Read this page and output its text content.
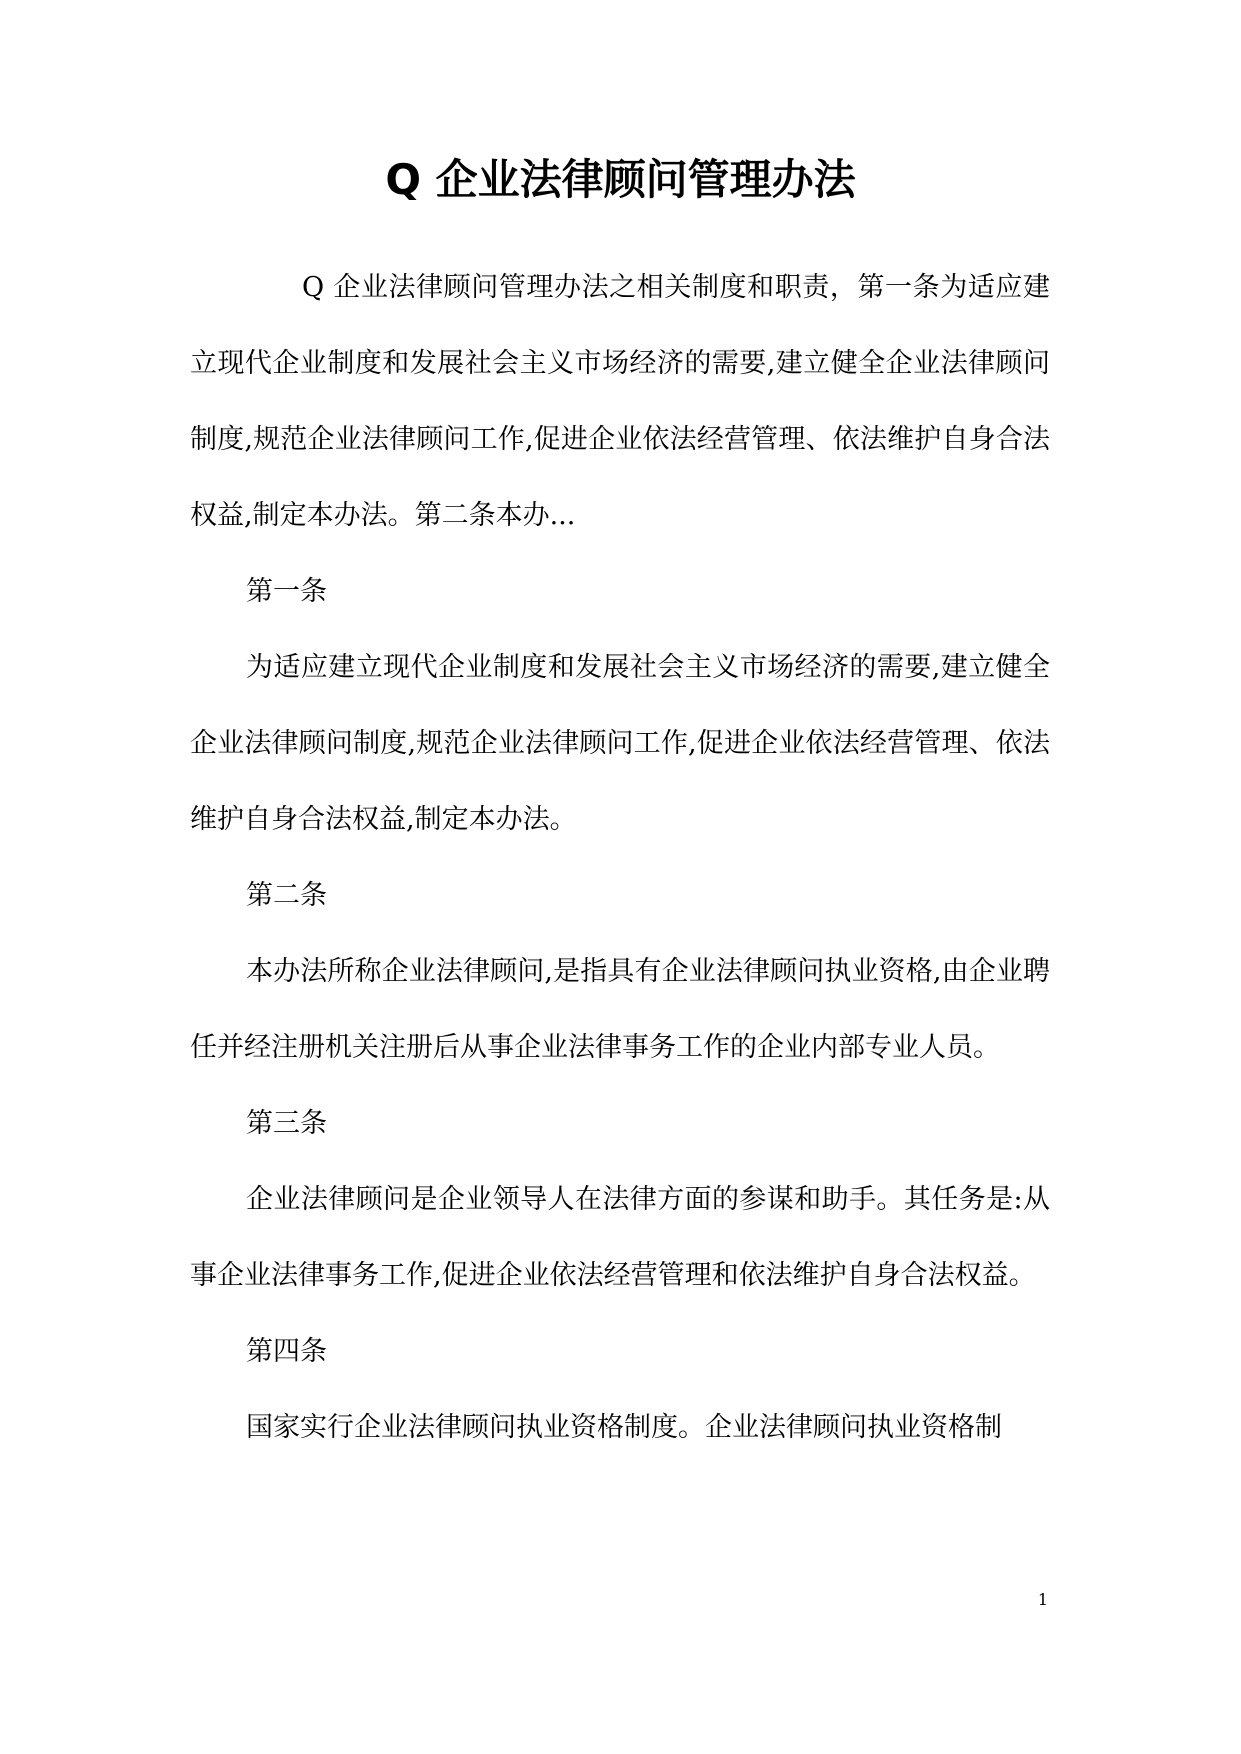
Q 企业法律顾问管理办法

Q 企业法律顾问管理办法之相关制度和职责，第一条为适应建立现代企业制度和发展社会主义市场经济的需要,建立健全企业法律顾问制度,规范企业法律顾问工作,促进企业依法经营管理、依法维护自身合法权益,制定本办法。第二条本办...

第一条

为适应建立现代企业制度和发展社会主义市场经济的需要,建立健全企业法律顾问制度,规范企业法律顾问工作,促进企业依法经营管理、依法维护自身合法权益,制定本办法。

第二条

本办法所称企业法律顾问,是指具有企业法律顾问执业资格,由企业聘任并经注册机关注册后从事企业法律事务工作的企业内部专业人员。

第三条

企业法律顾问是企业领导人在法律方面的参谋和助手。其任务是:从事企业法律事务工作,促进企业依法经营管理和依法维护自身合法权益。

第四条

国家实行企业法律顾问执业资格制度。企业法律顾问执业资格制

1
